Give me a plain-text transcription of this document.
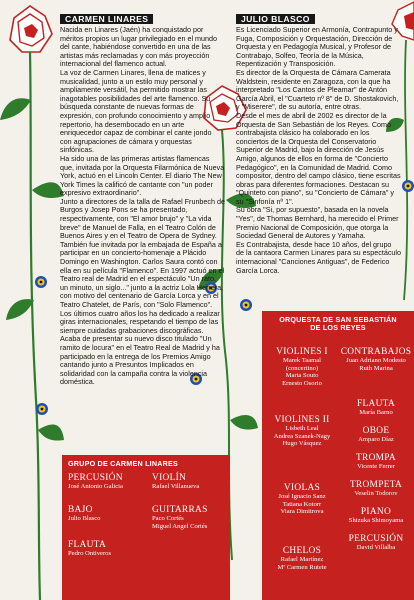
CARMEN LINARES

Nacida en Linares (Jaén) ha conquistado por méritos propios un lugar privilegiado en el mundo del cante, habiéndose convertido en una de las artistas más reclamadas y con más proyección internacional del flamenco actual.

La voz de Carmen Linares, llena de matices y musicalidad, junto a un estilo muy personal y ampliamente versátil, ha permitido mostrar las inagotables posibilidades del arte flamenco. Su búsqueda constante de nuevas formas de expresión, con profundo conocimiento y amplio repertorio, ha desembocado en un arte enriquecedor capaz de combinar el cante jondo con agrupaciones de cámara y orquestas sinfónicas.

Ha sido una de las primeras artistas flamencas que, invitada por la Orquesta Filarmónica de Nueva York, actuó en el Lincoln Center. El diario The New York Times la calificó de cantante con "un poder expresivo extraordinario".

Junto a directores de la talla de Rafael Frunbech de Burgos y Josep Pons se ha presentado, respectivamente, con "El amor brujo" y "La vida breve" de Manuel de Falla, en el Teatro Colón de Buenos Aires y en el Teatro de Opera de Sydney. También fue invitada por la embajada de España a participar en un concierto-homenaje a Plácido Domingo en Washington. Carlos Saura contó con ella en su película "Flamenco". En 1997 actuó en el Teatro real de Madrid en el espectáculo "Un rato, un minuto, un siglo..." junto a la actriz Lola Herrera, con motivo del centenario de García Lorca y en el Teatro Chatelet, de París, con "Solo Flamenco".

Los últimos cuatro años los ha dedicado a realizar giras internacionales, respetando el tiempo de las siempre cuidadas grabaciones discográficas. Acaba de presentar su nuevo disco titulado "Un ramito de locura" en el Teatro Real de Madrid y ha participado en la entrega de los Premios Amigo cantando junto a Presuntos Implicados en solidaridad con la campaña contra la violencia doméstica.

JULIO BLASCO

Es Licenciado Superior en Armonía, Contrapunto y Fuga, Composición y Orquestación, Dirección de Orquesta y en Pedagogía Musical, y Profesor de Contrabajo, Solfeo, Teoría de la Música, Repentización y Transposición.

Es director de la Orquesta de Cámara Camerata Waldstein, residente en Zaragoza, con la que ha interpretado "Los Cantos de Pleamar" de Antón García Abril, el "Cuarteto nº 8" de D. Shostakovich, y "Miserere", de su autoría, entre otras.

Desde el mes de abril de 2002 es director de la Orquesta de San Sebastián de los Reyes. Como contrabajista clásico ha colaborado en los conciertos de la Orquesta del Conservatorio Superior de Madrid, bajo la dirección de Jesús Amigo, algunos de ellos en forma de "Concierto Pedagógico", en la Comunidad de Madrid. Como compositor, dentro del campo clásico, tiene escritas obras para diferentes formaciones. Destacan su "Quinteto con piano", su "Concierto de Cámara" y su "Sinfonía nº 1".

Su obra "Si, por supuesto", basada en la novela "Yes", de Thomas Bernhard, ha merecido el Primer Premio Nacional de Composición, que otorga la Sociedad General de Autores y Yamaha.

Es Contrabajista, desde hace 10 años, del grupo de la cantaora Carmen Linares para su espectáculo internacional "Canciones Antiguas", de Federico García Lorca.

GRUPO DE CARMEN LINARES
PERCUSIÓN
José Antonio Galicia
BAJO
Julio Blasco
FLAUTA
Pedro Ontiveros
VIOLÍN
Rafael Villanueva
GUITARRAS
Paco Cortés
Miguel Angel Cortés
ORQUESTA DE SAN SEBASTIÁN
DE LOS REYES
VIOLINES I
Marek Taamal (concertino)
Marta Souto
Ernesto Osorio
VIOLINES II
Lisbeth Leal
Andrea Szanek-Nagy
Hugo Vásquez
VIOLAS
José Ignacio Sanz
Tatiana Kotorr
Viara Dimitrova
CHELOS
Rafael Martínez
Mª Carmen Rutete
CONTRABAJOS
Juan Adriano Modesto
Ruth Marina
FLAUTA
María Barno
OBOE
Amparo Díaz
TROMPA
Vicente Ferrer
TROMPETA
Veselin Todorov
PIANO
Shizuka Shimoyama
PERCUSIÓN
David Villalba
